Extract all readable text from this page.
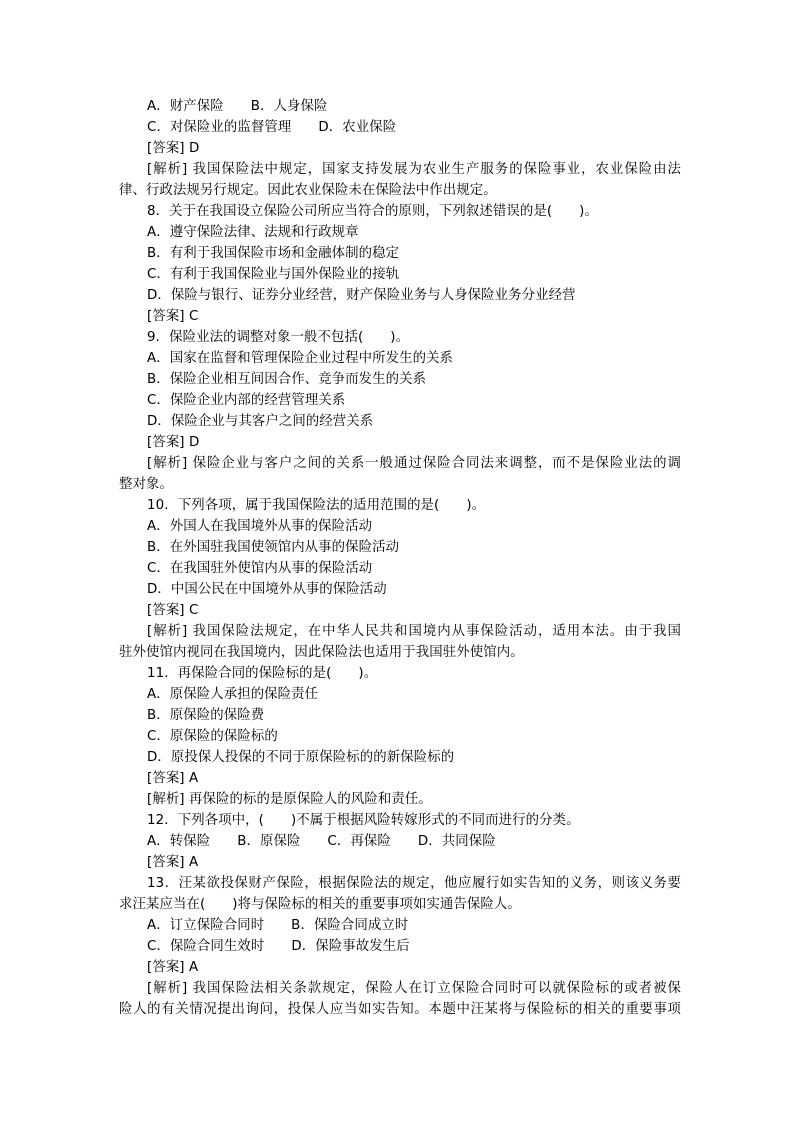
A．财产保险　　B．人身保险
C．对保险业的监督管理　　D．农业保险
[答案] D
[解析] 我国保险法中规定，国家支持发展为农业生产服务的保险事业，农业保险由法
律、行政法规另行规定。因此农业保险未在保险法中作出规定。
8．关于在我国设立保险公司所应当符合的原则，下列叙述错误的是(　　)。
A．遵守保险法律、法规和行政规章
B．有利于我国保险市场和金融体制的稳定
C．有利于我国保险业与国外保险业的接轨
D．保险与银行、证券分业经营，财产保险业务与人身保险业务分业经营
[答案] C
9．保险业法的调整对象一般不包括(　　)。
A．国家在监督和管理保险企业过程中所发生的关系
B．保险企业相互间因合作、竞争而发生的关系
C．保险企业内部的经营管理关系
D．保险企业与其客户之间的经营关系
[答案] D
[解析] 保险企业与客户之间的关系一般通过保险合同法来调整，而不是保险业法的调
整对象。
10．下列各项，属于我国保险法的适用范围的是(　　)。
A．外国人在我国境外从事的保险活动
B．在外国驻我国使领馆内从事的保险活动
C．在我国驻外使馆内从事的保险活动
D．中国公民在中国境外从事的保险活动
[答案] C
[解析] 我国保险法规定，在中华人民共和国境内从事保险活动，适用本法。由于我国
驻外使馆内视同在我国境内，因此保险法也适用于我国驻外使馆内。
11．再保险合同的保险标的是(　　)。
A．原保险人承担的保险责任
B．原保险的保险费
C．原保险的保险标的
D．原投保人投保的不同于原保险标的的新保险标的
[答案] A
[解析] 再保险的标的是原保险人的风险和责任。
12．下列各项中，(　　)不属于根据风险转嫁形式的不同而进行的分类。
A．转保险　　B．原保险　　C．再保险　　D．共同保险
[答案] A
13．汪某欲投保财产保险，根据保险法的规定，他应履行如实告知的义务，则该义务要
求汪某应当在(　　)将与保险标的相关的重要事项如实通告保险人。
A．订立保险合同时　　B．保险合同成立时
C．保险合同生效时　　D．保险事故发生后
[答案] A
[解析] 我国保险法相关条款规定，保险人在订立保险合同时可以就保险标的或者被保
险人的有关情况提出询问，投保人应当如实告知。本题中汪某将与保险标的相关的重要事项
